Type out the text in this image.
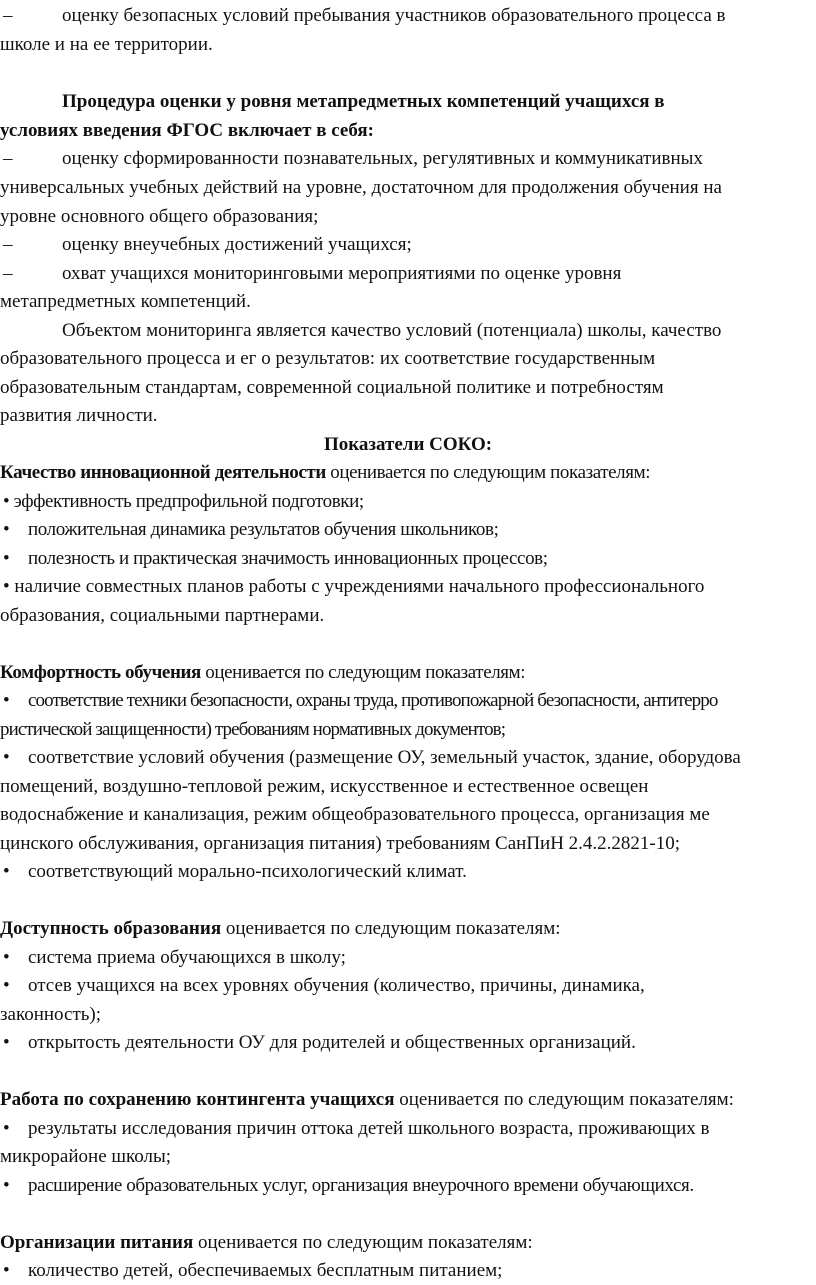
–	оценку безопасных условий пребывания участников образовательного процесса в
школе и на ее территории.
Процедура оценки у ровня метапредметных компетенций учащихся в
условиях введения ФГОС включает в себя:
–	оценку сформированности познавательных, регулятивных и коммуникативных
универсальных учебных действий на уровне, достаточном для продолжения обучения на
уровне основного общего образования;
–	оценку внеучебных достижений учащихся;
–	охват учащихся мониторинговыми мероприятиями по оценке уровня
метапредметных компетенций.
Объектом мониторинга является качество условий (потенциала) школы, качество
образовательного процесса и ег о результатов: их соответствие государственным
образовательным стандартам, современной социальной политике и потребностям
развития личности.
Показатели СОКО:
Качество инновационной деятельности оценивается по следующим показателям:
• эффективность предпрофильной подготовки;
• положительная динамика результатов обучения школьников;
• полезность и практическая значимость инновационных процессов;
• наличие совместных планов работы с учреждениями начального профессионального
образования, социальными партнерами.
Комфортность обучения оценивается по следующим показателям:
• соответствие техники безопасности, охраны труда, противопожарной безопасности, антитерро
ристической защищенности) требованиям нормативных документов;
• соответствие условий обучения (размещение ОУ, земельный участок, здание, оборудова
помещений, воздушно-тепловой режим, искусственное и естественное освещен
водоснабжение и канализация, режим общеобразовательного процесса, организация ме
цинского обслуживания, организация питания) требованиям СанПиН 2.4.2.2821-10;
• соответствующий морально-психологический климат.
Доступность образования оценивается по следующим показателям:
• система приема обучающихся в школу;
• отсев учащихся на всех уровнях обучения (количество, причины, динамика,
законность);
• открытость деятельности ОУ для родителей и общественных организаций.
Работа по сохранению контингента учащихся оценивается по следующим показателям:
• результаты исследования причин оттока детей школьного возраста, проживающих в
микрорайоне школы;
• расширение образовательных услуг, организация внеурочного времени обучающихся.
Организации питания оценивается по следующим показателям:
• количество детей, обеспечиваемых бесплатным питанием;
